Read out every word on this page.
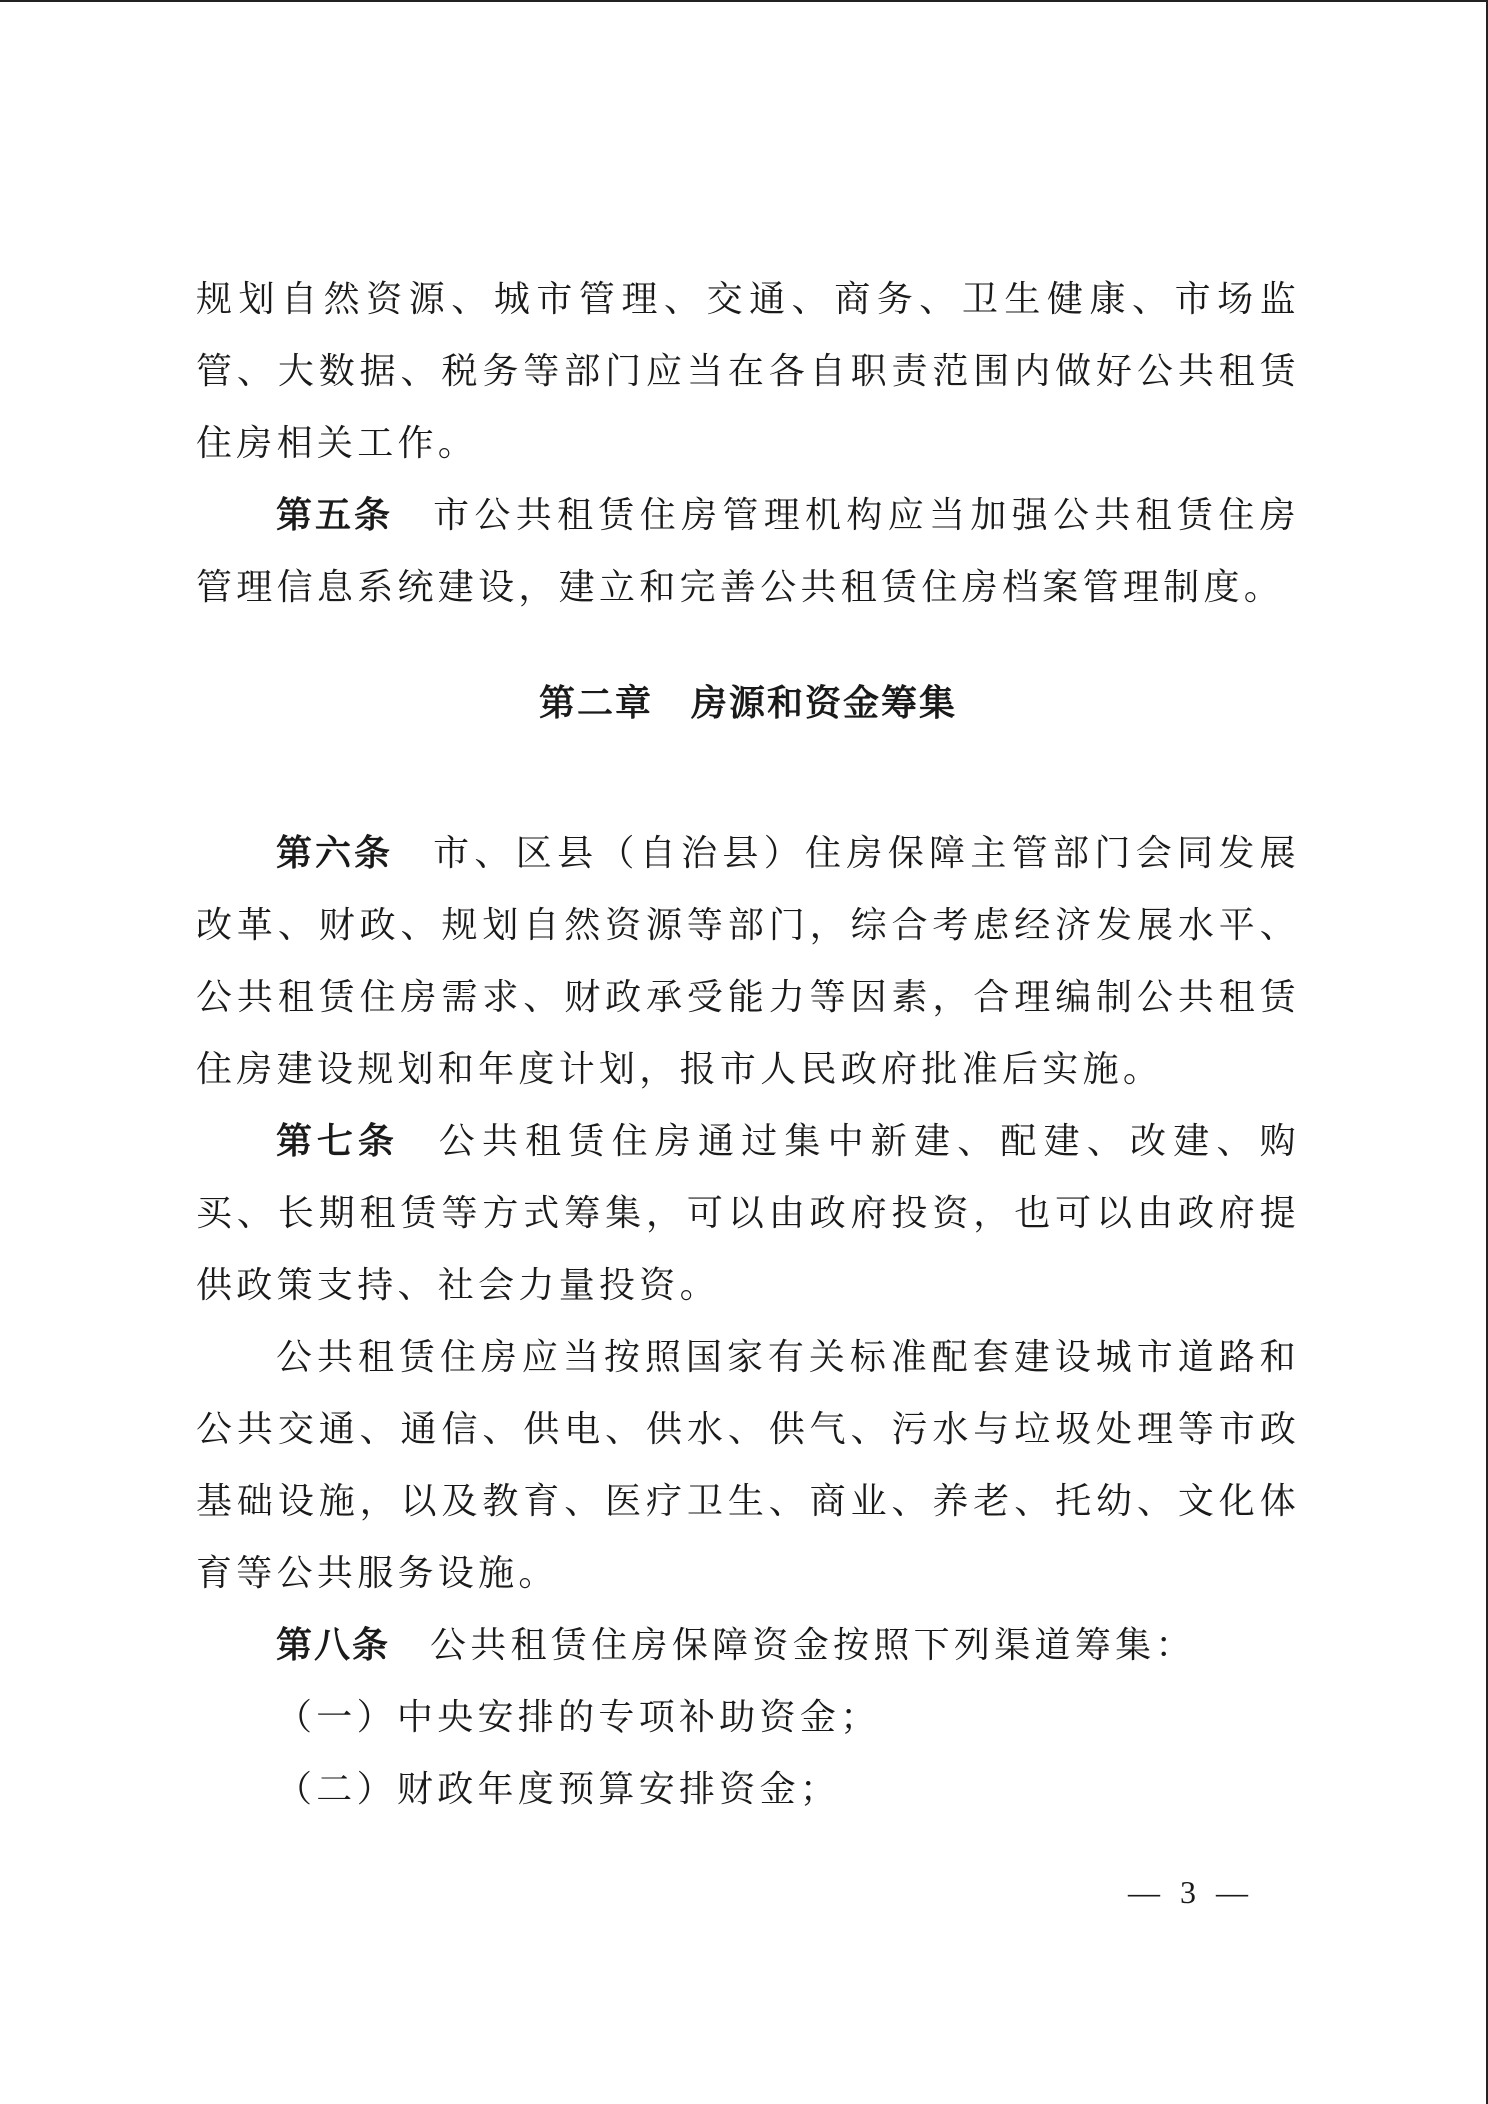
规划自然资源、城市管理、交通、商务、卫生健康、市场监管、大数据、税务等部门应当在各自职责范围内做好公共租赁住房相关工作。

第五条 市公共租赁住房管理机构应当加强公共租赁住房管理信息系统建设，建立和完善公共租赁住房档案管理制度。

第二章　房源和资金筹集

第六条 市、区县（自治县）住房保障主管部门会同发展改革、财政、规划自然资源等部门，综合考虑经济发展水平、公共租赁住房需求、财政承受能力等因素，合理编制公共租赁住房建设规划和年度计划，报市人民政府批准后实施。

第七条 公共租赁住房通过集中新建、配建、改建、购买、长期租赁等方式筹集，可以由政府投资，也可以由政府提供政策支持、社会力量投资。

公共租赁住房应当按照国家有关标准配套建设城市道路和公共交通、通信、供电、供水、供气、污水与垃圾处理等市政基础设施，以及教育、医疗卫生、商业、养老、托幼、文化体育等公共服务设施。

第八条 公共租赁住房保障资金按照下列渠道筹集：

（一）中央安排的专项补助资金；

（二）财政年度预算安排资金；

— 3 —
